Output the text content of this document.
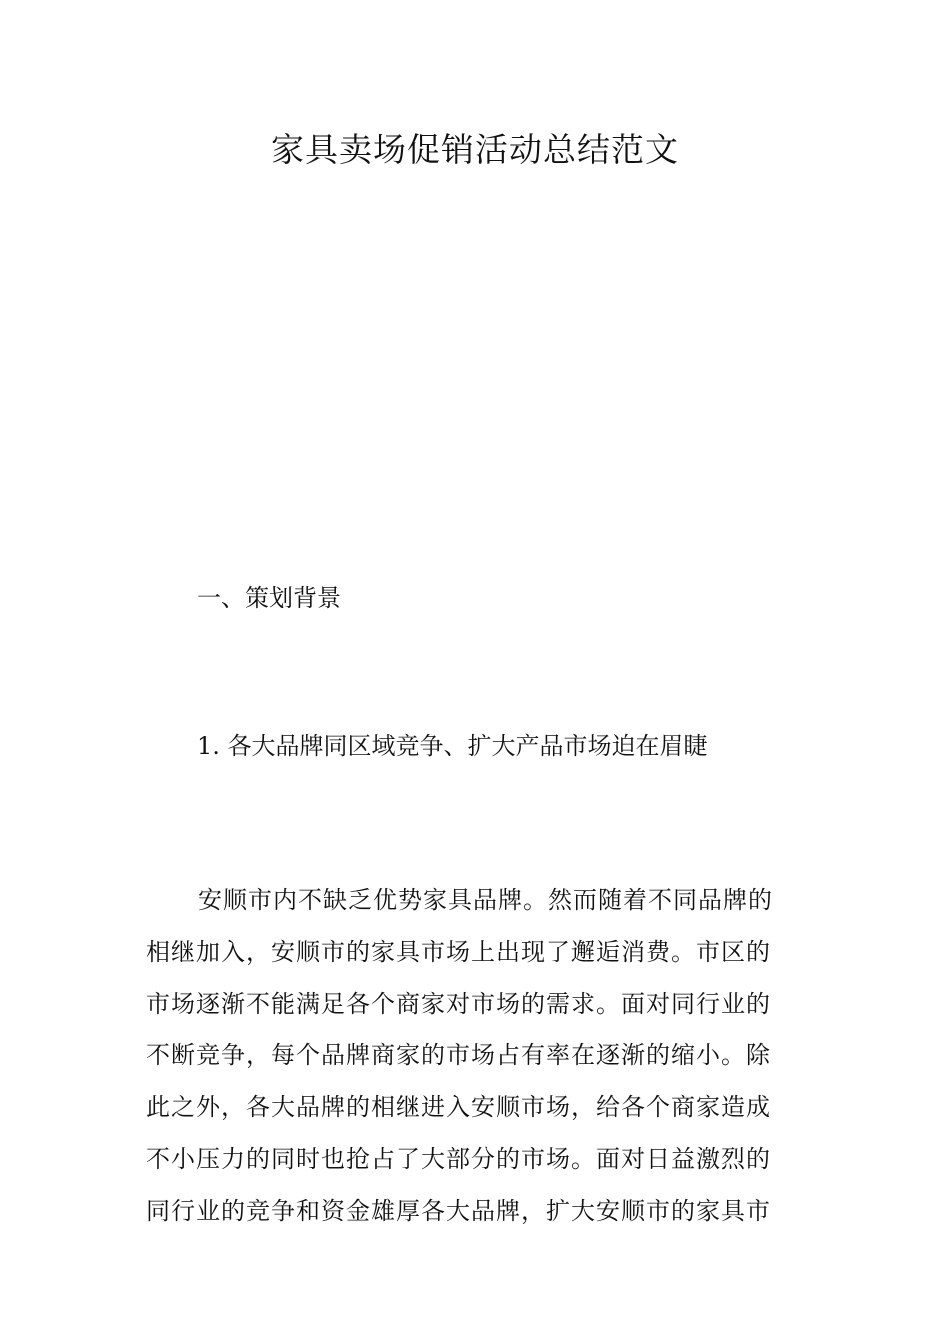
家具卖场促销活动总结范文
一、策划背景
1. 各大品牌同区域竞争、扩大产品市场迫在眉睫
安顺市内不缺乏优势家具品牌。然而随着不同品牌的
相继加入，安顺市的家具市场上出现了邂逅消费。市区的
市场逐渐不能满足各个商家对市场的需求。面对同行业的
不断竞争，每个品牌商家的市场占有率在逐渐的缩小。除
此之外，各大品牌的相继进入安顺市场，给各个商家造成
不小压力的同时也抢占了大部分的市场。面对日益激烈的
同行业的竞争和资金雄厚各大品牌，扩大安顺市的家具市
